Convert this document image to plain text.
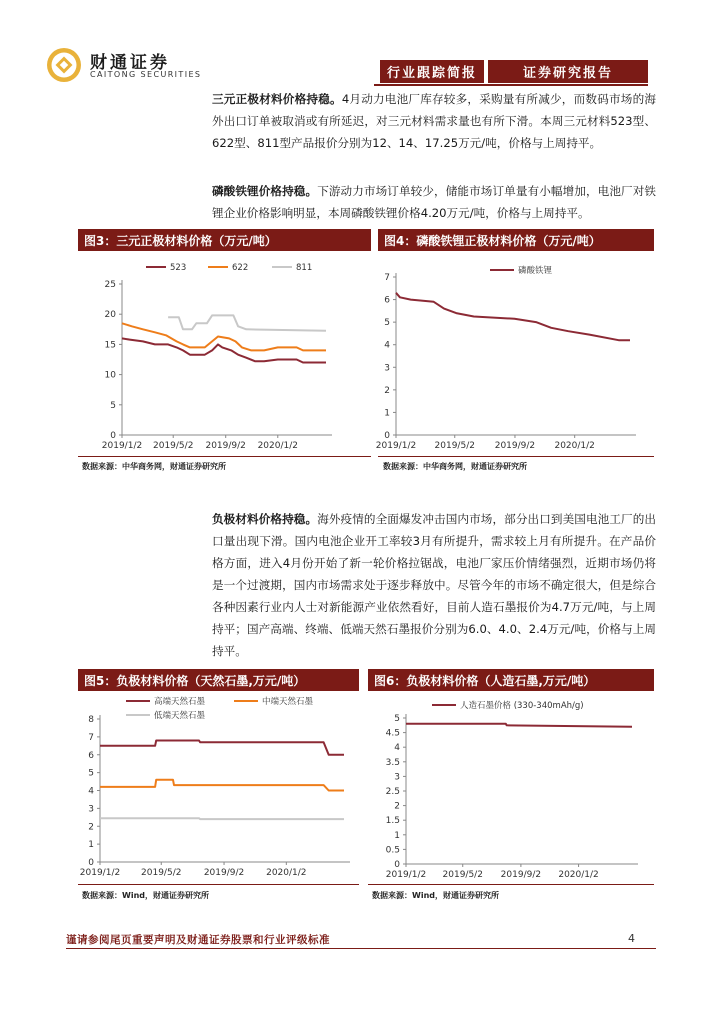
财通证券
CAITONG SECURITIES	行业跟踪简报	证券研究报告
三元正极材料价格持稳。4月动力电池厂库存较多，采购量有所减少，而数码市场的海外出口订单被取消或有所延迟，对三元材料需求量也有所下滑。本周三元材料523型、622型、811型产品报价分别为12、14、17.25万元/吨，价格与上周持平。
磷酸铁锂价格持稳。下游动力市场订单较少，储能市场订单量有小幅增加，电池厂对铁锂企业价格影响明显，本周磷酸铁锂价格4.20万元/吨，价格与上周持平。
图3：三元正极材料价格（万元/吨）	图4：磷酸铁锂正极材料价格（万元/吨）
0
5
10
15
20
25
2019/1/2 2019/5/2 2019/9/2 2020/1/2
523	622	811
0
1
2
3
4
5
6
7
2019/1/2 2019/5/2 2019/9/2 2020/1/2
磷酸铁锂
数据来源：中华商务网，财通证券研究所	数据来源：中华商务网，财通证券研究所
负极材料价格持稳。海外疫情的全面爆发冲击国内市场，部分出口到美国电池工厂的出口量出现下滑。国内电池企业开工率较3月有所提升，需求较上月有所提升。在产品价格方面，进入4月份开始了新一轮价格拉锯战，电池厂家压价情绪强烈，近期市场仍将是一个过渡期，国内市场需求处于逐步释放中。尽管今年的市场不确定很大，但是综合各种因素行业内人士对新能源产业依然看好，目前人造石墨报价为4.7万元/吨，与上周持平；国产高端、终端、低端天然石墨报价分别为6.0、4.0、2.4万元/吨，价格与上周持平。
图5：负极材料价格（天然石墨,万元/吨）	图6：负极材料价格（人造石墨,万元/吨）
0
1
2
3
4
5
6
7
8
2019/1/2 2019/5/2 2019/9/2 2020/1/2
高端天然石墨	中端天然石墨
低端天然石墨
0
0.5
1
1.5
2
2.5
3
3.5
4
4.5
5
2019/1/2 2019/5/2 2019/9/2 2020/1/2
人造石墨价格 (330-340mAh/g)
数据来源：Wind，财通证券研究所	数据来源：Wind，财通证券研究所
谨请参阅尾页重要声明及财通证券股票和行业评级标准	4
